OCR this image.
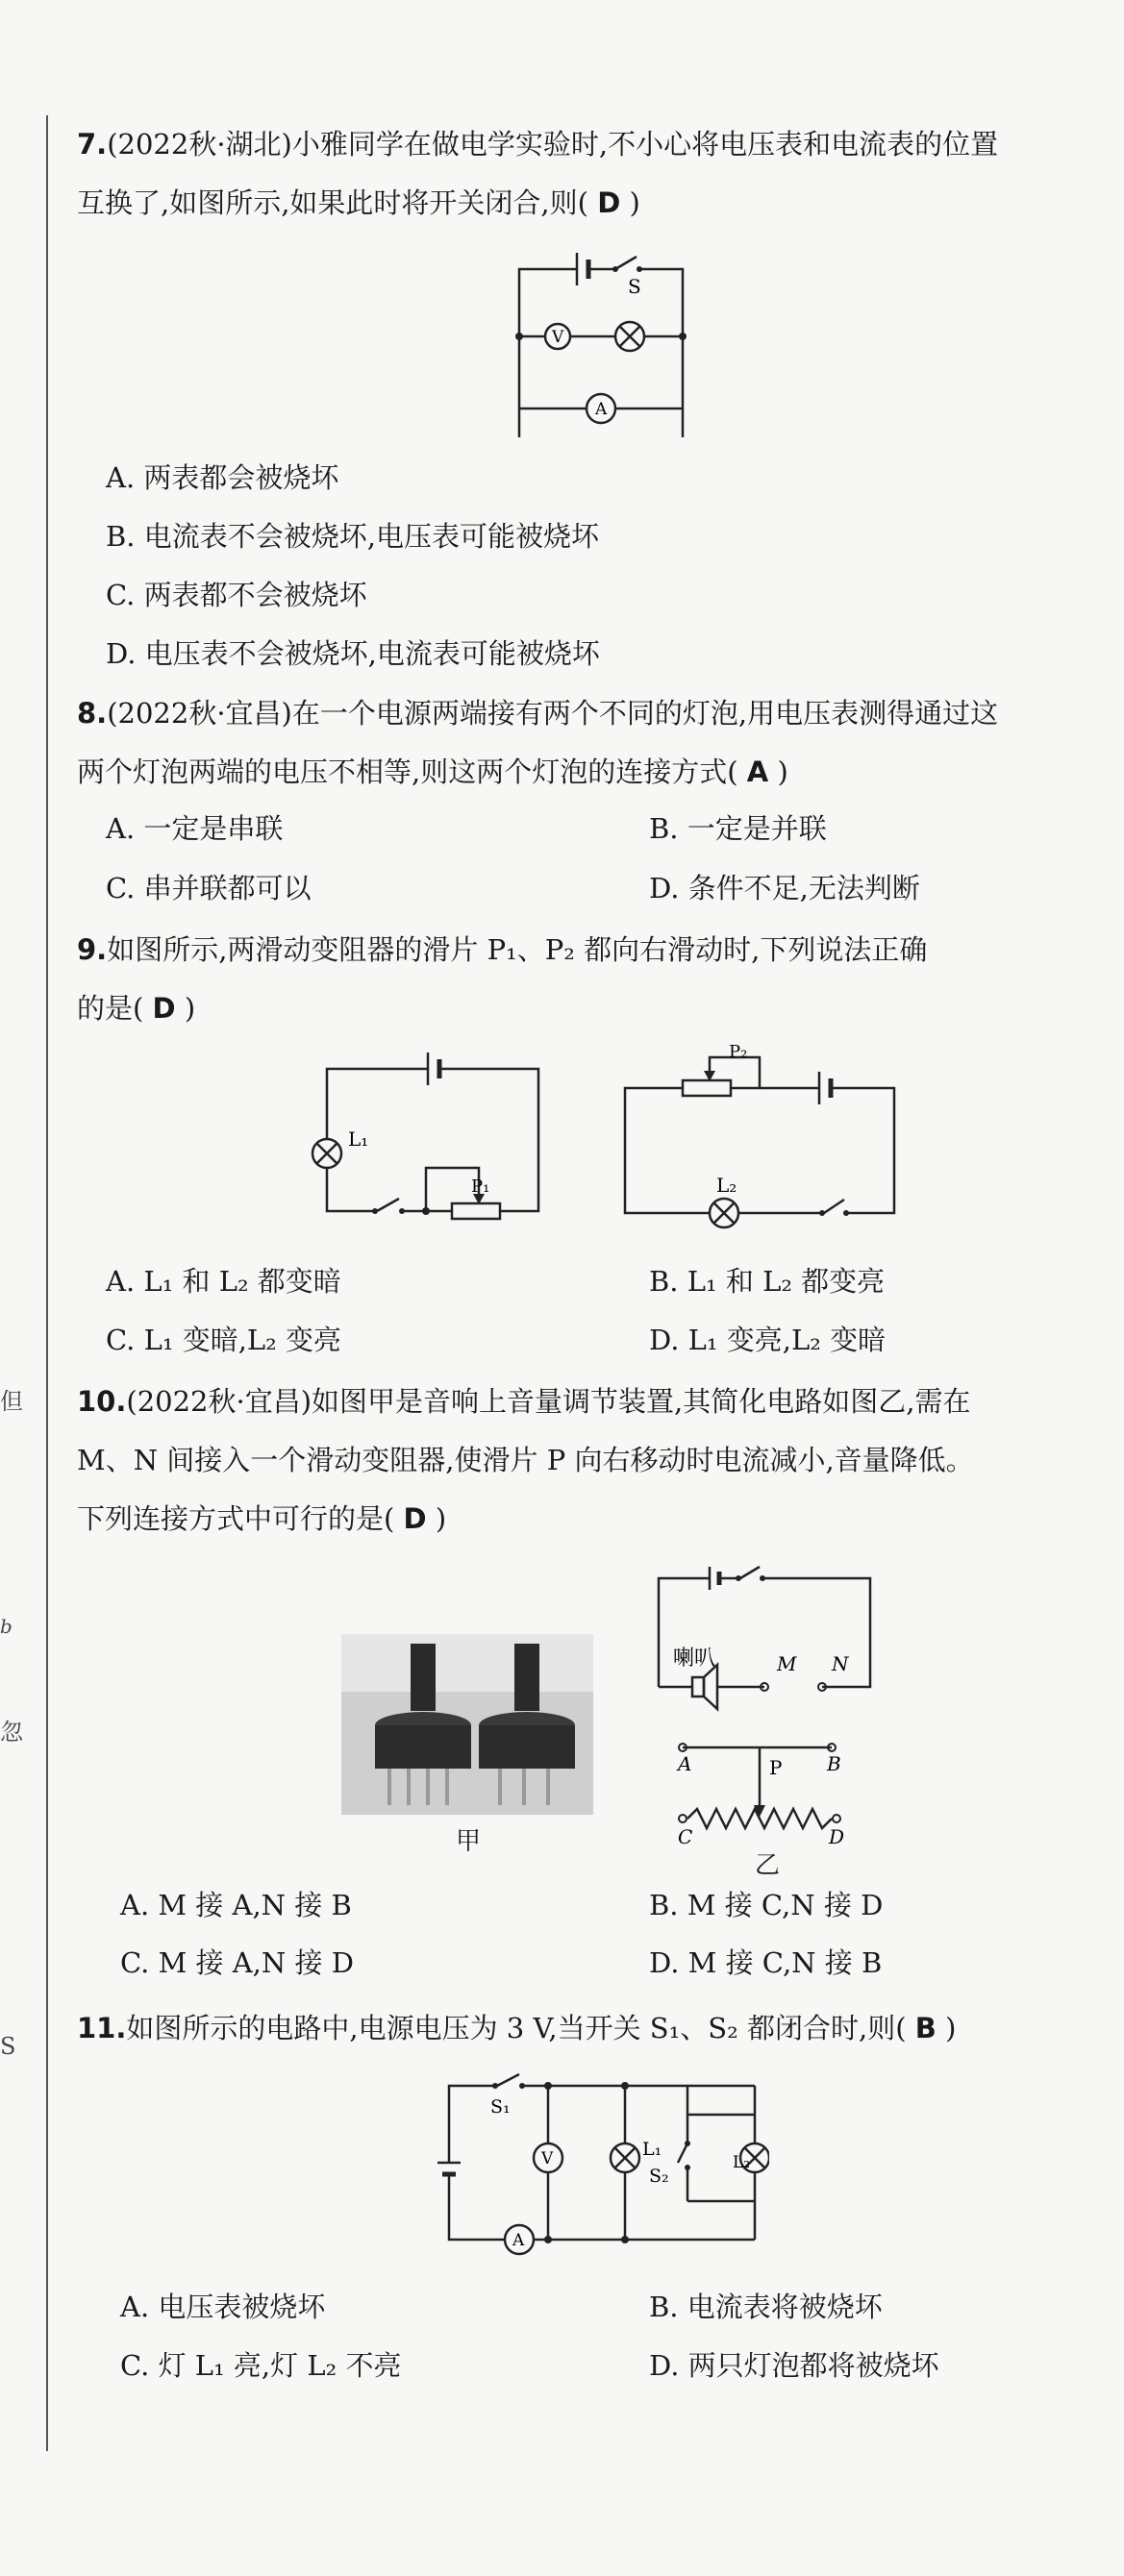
但
b
忽
S
7.(2022秋·湖北)小雅同学在做电学实验时,不小心将电压表和电流表的位置
互换了,如图所示,如果此时将开关闭合,则( D )
S
V
A
A. 两表都会被烧坏
B. 电流表不会被烧坏,电压表可能被烧坏
C. 两表都不会被烧坏
D. 电压表不会被烧坏,电流表可能被烧坏
8.(2022秋·宜昌)在一个电源两端接有两个不同的灯泡,用电压表测得通过这
两个灯泡两端的电压不相等,则这两个灯泡的连接方式( A )
A. 一定是串联	B. 一定是并联
C. 串并联都可以	D. 条件不足,无法判断
9.如图所示,两滑动变阻器的滑片 P₁、P₂ 都向右滑动时,下列说法正确
的是( D )
L₁
P₁
P₂
L₂
A. L₁ 和 L₂ 都变暗	B. L₁ 和 L₂ 都变亮
C. L₁ 变暗,L₂ 变亮	D. L₁ 变亮,L₂ 变暗
10.(2022秋·宜昌)如图甲是音响上音量调节装置,其简化电路如图乙,需在
M、N 间接入一个滑动变阻器,使滑片 P 向右移动时电流减小,音量降低。
下列连接方式中可行的是( D )
甲
喇叭	M N
A	P B
C	D
乙
A. M 接 A,N 接 B	B. M 接 C,N 接 D
C. M 接 A,N 接 D	D. M 接 C,N 接 B
11.如图所示的电路中,电源电压为 3 V,当开关 S₁、S₂ 都闭合时,则( B )
S₁
V	L₁
S₂
L₂
A
A. 电压表被烧坏	B. 电流表将被烧坏
C. 灯 L₁ 亮,灯 L₂ 不亮	D. 两只灯泡都将被烧坏
